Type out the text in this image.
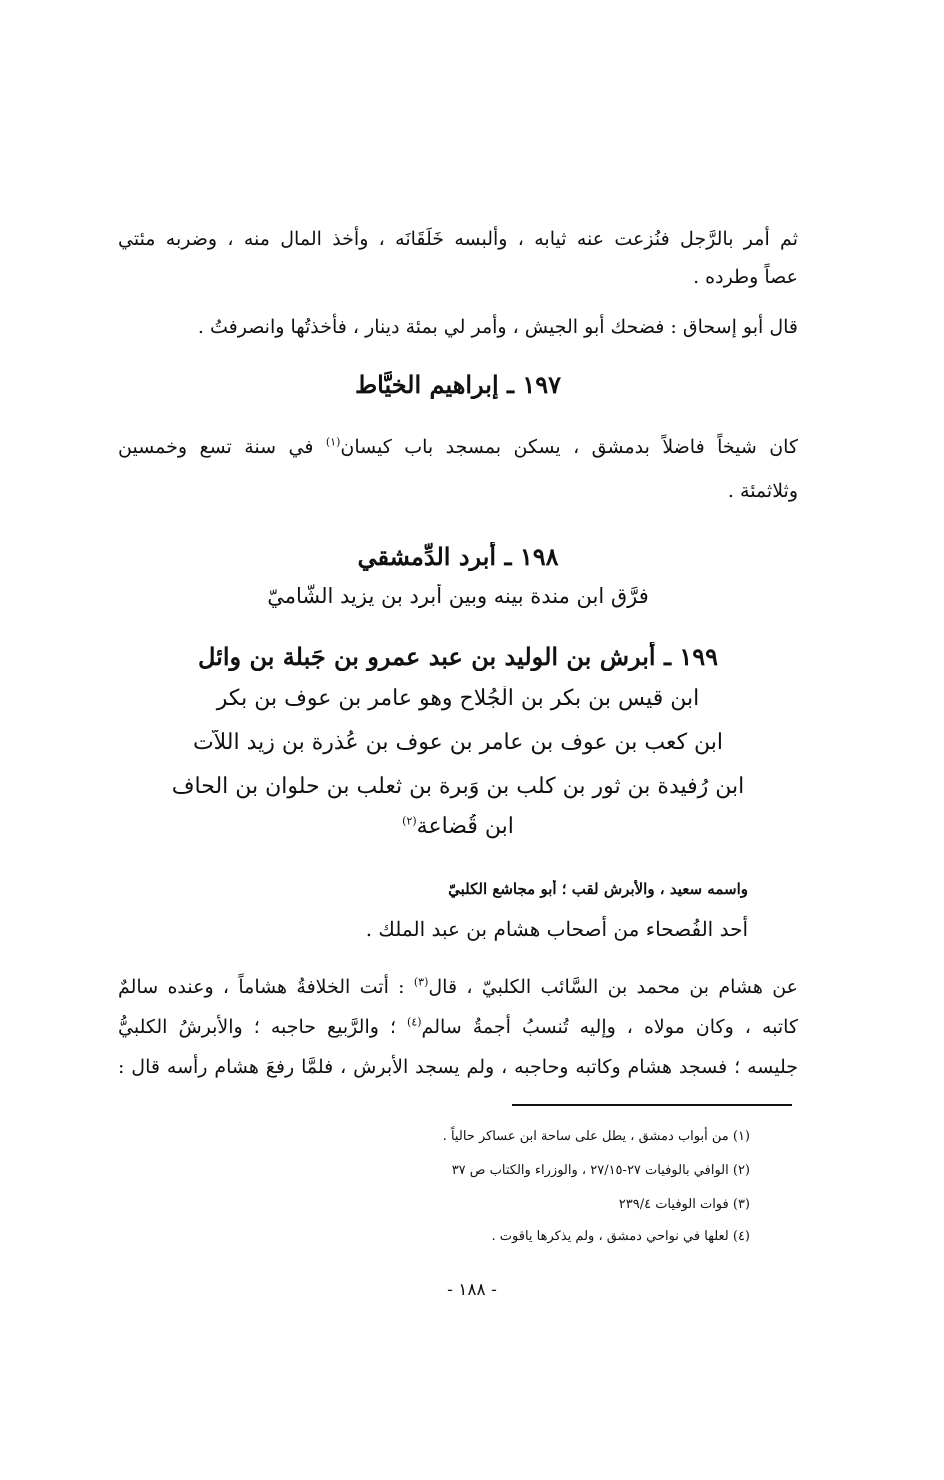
ثم أمر بالرَّجل فنُزعت عنه ثيابه ، وألبسه خَلَقَانَه ، وأخذ المال منه ، وضربه مئتي
عصاً وطرده .
قال أبو إسحاق : فضحك أبو الجيش ، وأمر لي بمئة دينار ، فأخذتُها وانصرفتُ .
١٩٧ ـ إبراهيم الخيَّاط
كان شيخاً فاضلاً بدمشق ، يسكن بمسجد باب كيسان$^{(١)}$ في سنة تسع وخمسين
وثلاثمئة .
١٩٨ ـ أبرد الدِّمشقي
فرَّق ابن مندة بينه وبين أبرد بن يزيد الشَّاميّ
١٩٩ ـ أبرش بن الوليد بن عبد عمرو بن جَبلة بن وائل
ابن قيس بن بكر بن الْجُلاح وهو عامر بن عوف بن بكر
ابن كعب بن عوف بن عامر بن عوف بن عُذرة بن زيد اللاَّت
ابن رُفيدة بن ثور بن كلب بن وَبرة بن ثعلب بن حلوان بن الحاف
ابن قُضاعة$^{(٢)}$
واسمه سعيد ، والأبرش لقب ؛ أبو مجاشع الكلبيّ
أحد الفُصحاء من أصحاب هشام بن عبد الملك .
عن هشام بن محمد بن السَّائب الكلبيّ ، قال$^{(٣)}$ : أتت الخلافةُ هشاماً ، وعنده سالمٌ
كاتبه ، وكان مولاه ، وإليه تُنسبُ أجمةُ سالم$^{(٤)}$ ؛ والرَّبيع حاجبه ؛ والأبرشُ الكلبيُّ
جليسه ؛ فسجد هشام وكاتبه وحاجبه ، ولم يسجد الأبرش ، فلمَّا رفعَ هشام رأسه قال :
(١) من أبواب دمشق ، يطل على ساحة ابن عساكر حالياً .
(٢) الوافي بالوفيات ٢٧-٢٧/١٥ ، والوزراء والكتاب ص ٣٧
(٣) فوات الوفيات ٢٣٩/٤
(٤) لعلها في نواحي دمشق ، ولم يذكرها ياقوت .
- ١٨٨ -
